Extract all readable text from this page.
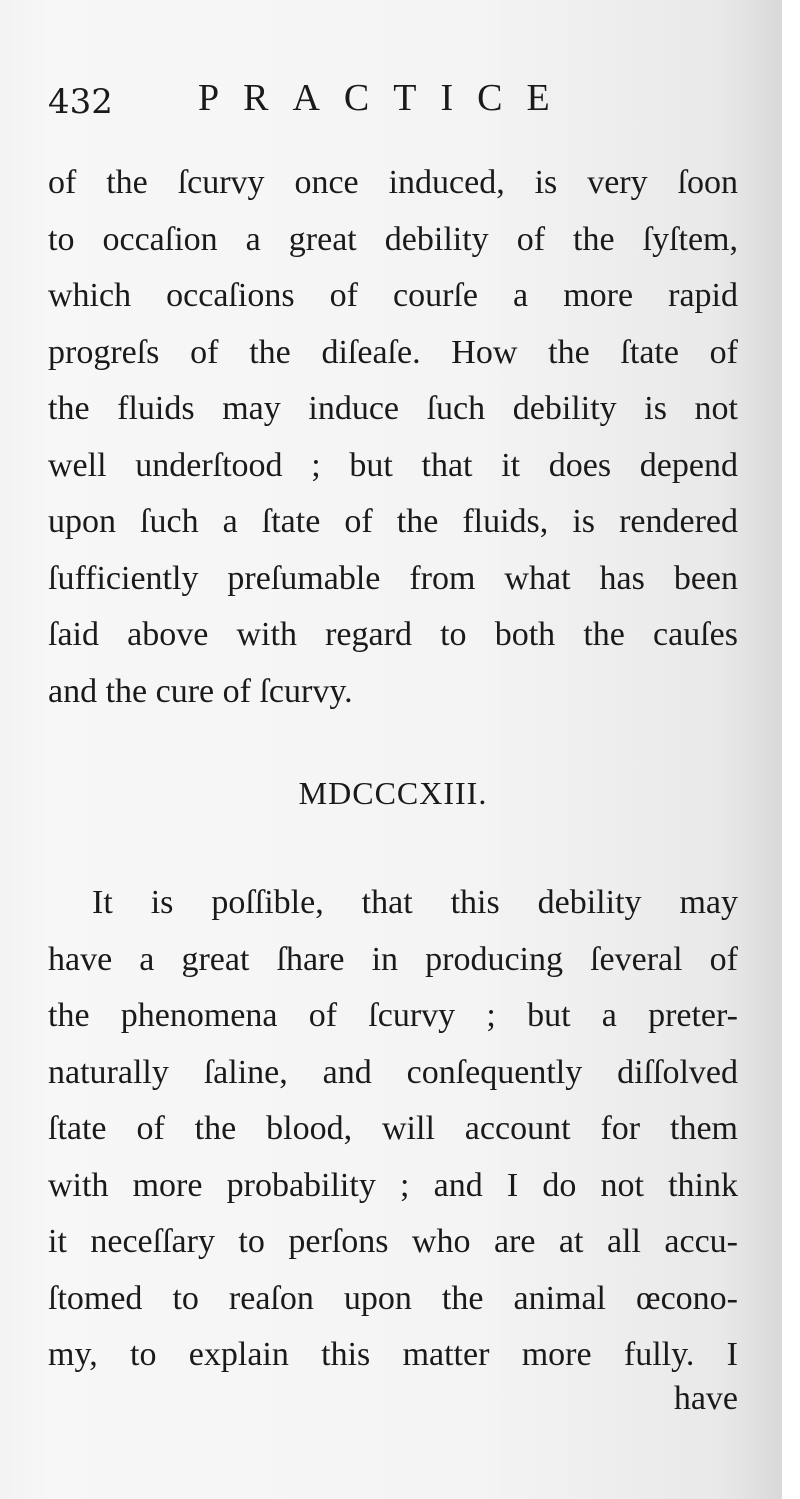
432 PRACTICE
of the ſcurvy once induced, is very ſoon
to occaſion a great debility of the ſyſtem,
which occaſions of courſe a more rapid
progreſs of the diſeaſe. How the ſtate of
the fluids may induce ſuch debility is not
well underſtood ; but that it does depend
upon ſuch a ſtate of the fluids, is rendered
ſufficiently preſumable from what has been
ſaid above with regard to both the cauſes
and the cure of ſcurvy.
MDCCCXIII.
It is poſſible, that this debility may
have a great ſhare in producing ſeveral of
the phenomena of ſcurvy ; but a preter-
naturally ſaline, and conſequently diſſolved
ſtate of the blood, will account for them
with more probability ; and I do not think
it neceſſary to perſons who are at all accu-
ſtomed to reaſon upon the animal œcono-
my, to explain this matter more fully. I
have
